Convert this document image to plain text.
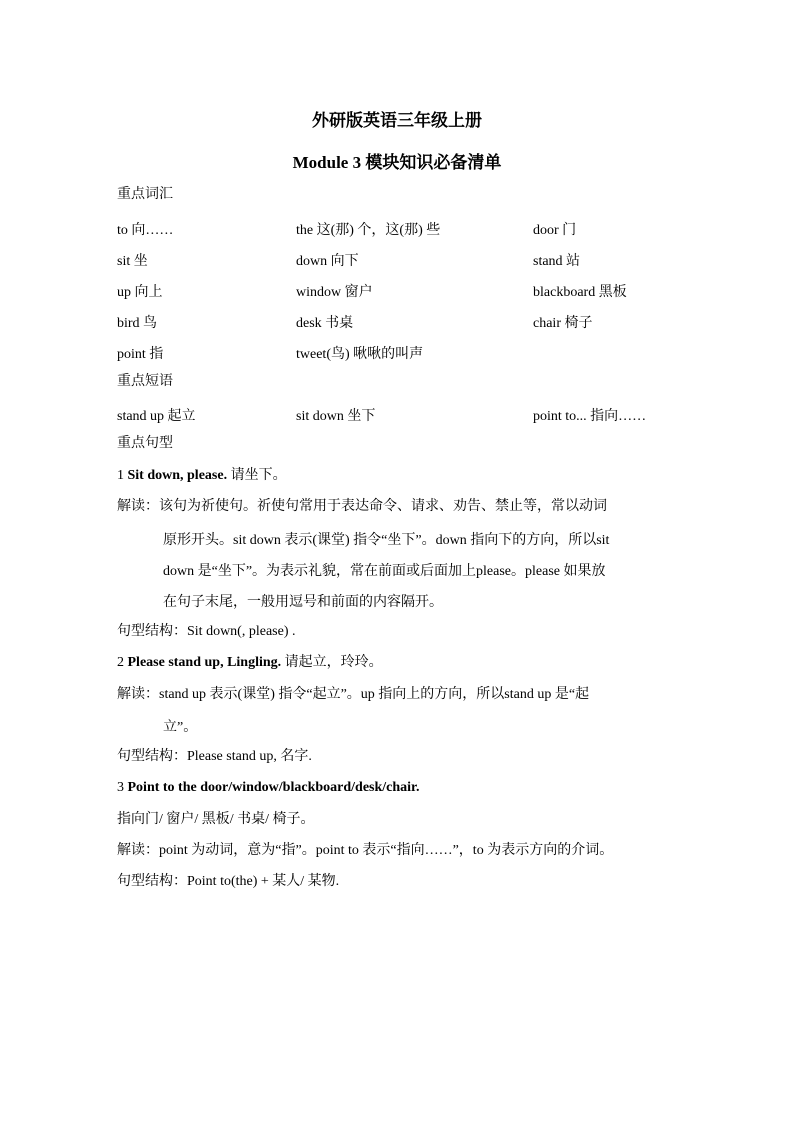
外研版英语三年级上册
Module 3 模块知识必备清单
重点词汇
to 向……	the 这(那) 个，这(那) 些	door 门
sit 坐	down 向下	stand 站
up 向上	window 窗户	blackboard 黑板
bird 鸟	desk 书桌	chair 椅子
point 指	tweet(鸟) 啾啾的叫声
重点短语
stand up 起立	sit down 坐下	point to... 指向……
重点句型
1 Sit down, please. 请坐下。
解读：该句为祈使句。祈使句常用于表达命令、请求、劝告、禁止等，常以动词
原形开头。sit down 表示(课堂) 指令“坐下”。down 指向下的方向，所以sit
down 是“坐下”。为表示礼貌，常在前面或后面加上please。please 如果放
在句子末尾，一般用逗号和前面的内容隔开。
句型结构：Sit down(, please) .
2 Please stand up, Lingling. 请起立，玲玲。
解读：stand up 表示(课堂) 指令“起立”。up 指向上的方向，所以stand up 是“起
立”。
句型结构：Please stand up, 名字.
3 Point to the door/window/blackboard/desk/chair.
指向门/ 窗户/ 黑板/ 书桌/ 椅子。
解读：point 为动词，意为“指”。point to 表示“指向……”，to 为表示方向的介词。
句型结构：Point to(the) + 某人/ 某物.
